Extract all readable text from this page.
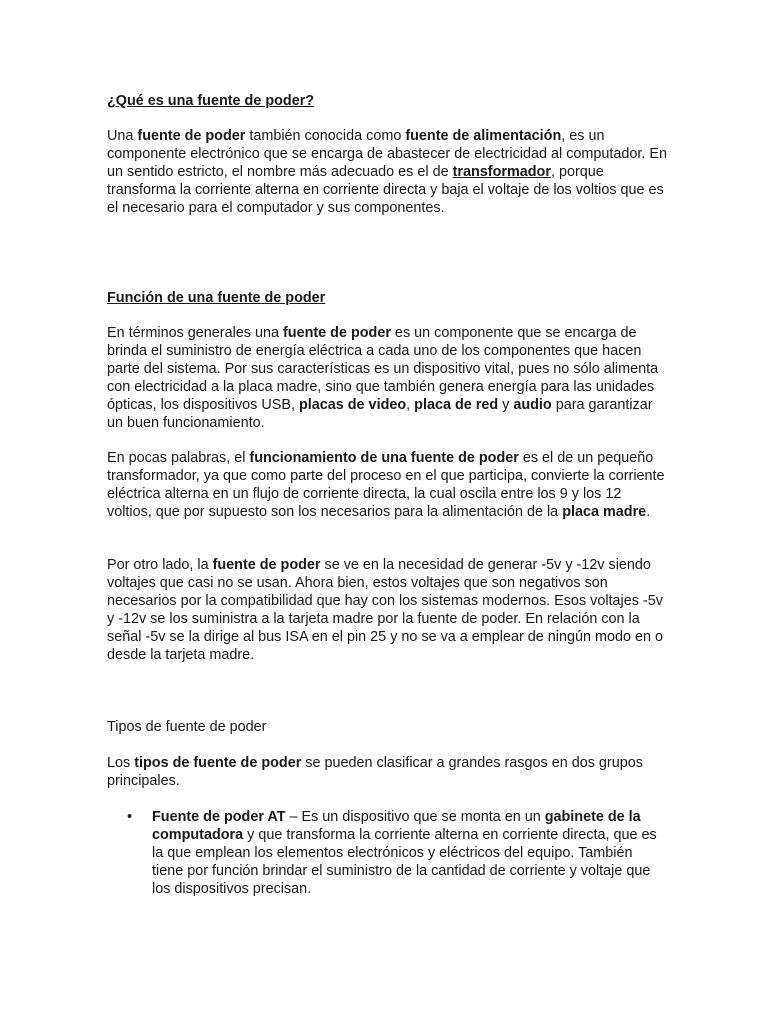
¿Qué es una fuente de poder?

Una fuente de poder también conocida como fuente de alimentación, es un componente electrónico que se encarga de abastecer de electricidad al computador. En un sentido estricto, el nombre más adecuado es el de transformador, porque transforma la corriente alterna en corriente directa y baja el voltaje de los voltios que es el necesario para el computador y sus componentes.

Función de una fuente de poder

En términos generales una fuente de poder es un componente que se encarga de brinda el suministro de energía eléctrica a cada uno de los componentes que hacen parte del sistema. Por sus características es un dispositivo vital, pues no sólo alimenta con electricidad a la placa madre, sino que también genera energía para las unidades ópticas, los dispositivos USB, placas de video, placa de red y audio para garantizar un buen funcionamiento.

En pocas palabras, el funcionamiento de una fuente de poder es el de un pequeño transformador, ya que como parte del proceso en el que participa, convierte la corriente eléctrica alterna en un flujo de corriente directa, la cual oscila entre los 9 y los 12 voltios, que por supuesto son los necesarios para la alimentación de la placa madre.

Por otro lado, la fuente de poder se ve en la necesidad de generar -5v y -12v siendo voltajes que casi no se usan. Ahora bien, estos voltajes que son negativos son necesarios por la compatibilidad que hay con los sistemas modernos. Esos voltajes -5v y -12v se los suministra a la tarjeta madre por la fuente de poder. En relación con la señal -5v se la dirige al bus ISA en el pin 25 y no se va a emplear de ningún modo en o desde la tarjeta madre.

Tipos de fuente de poder

Los tipos de fuente de poder se pueden clasificar a grandes rasgos en dos grupos principales.

• Fuente de poder AT – Es un dispositivo que se monta en un gabinete de la computadora y que transforma la corriente alterna en corriente directa, que es la que emplean los elementos electrónicos y eléctricos del equipo. También tiene por función brindar el suministro de la cantidad de corriente y voltaje que los dispositivos precisan.
